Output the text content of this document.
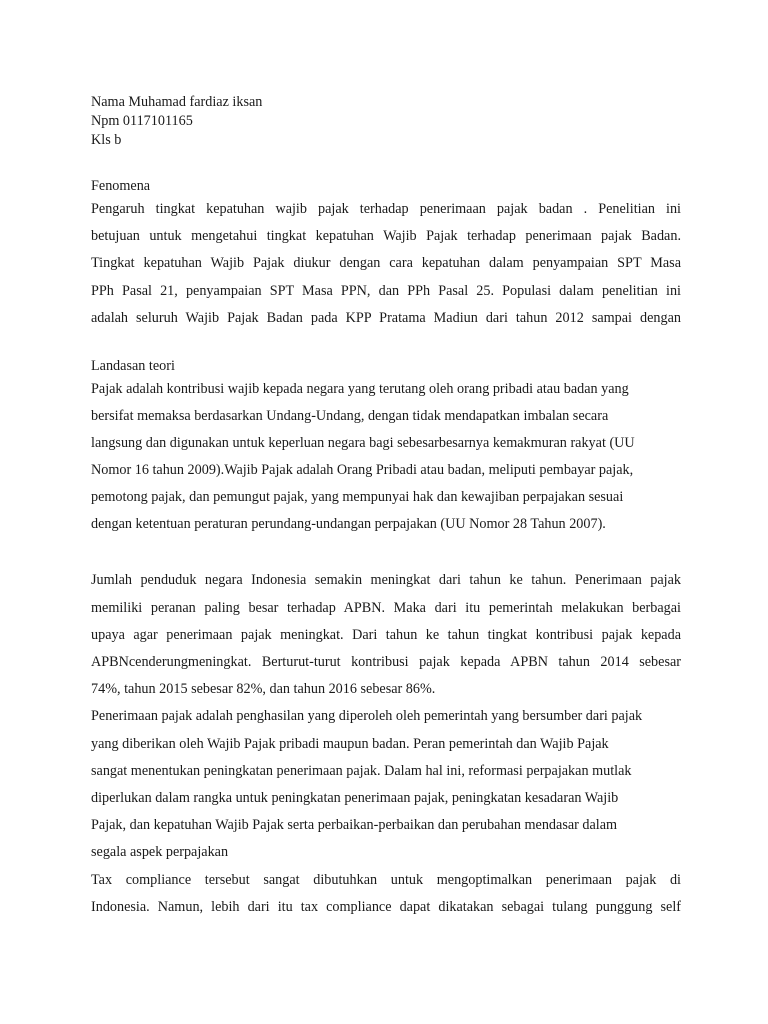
Nama Muhamad fardiaz iksan
Npm 0117101165
Kls b
Fenomena
Pengaruh tingkat kepatuhan wajib pajak terhadap penerimaan pajak badan . Penelitian ini
betujuan untuk mengetahui tingkat kepatuhan Wajib Pajak terhadap penerimaan pajak Badan.
Tingkat kepatuhan Wajib Pajak diukur dengan cara kepatuhan dalam penyampaian SPT Masa
PPh Pasal 21, penyampaian SPT Masa PPN, dan PPh Pasal 25. Populasi dalam penelitian ini
adalah seluruh Wajib Pajak Badan pada KPP Pratama Madiun dari tahun 2012 sampai dengan
Landasan teori
Pajak adalah kontribusi wajib kepada negara yang terutang oleh orang pribadi atau badan yang
bersifat memaksa berdasarkan Undang-Undang, dengan tidak mendapatkan imbalan secara
langsung dan digunakan untuk keperluan negara bagi sebesarbesarnya kemakmuran rakyat (UU
Nomor 16 tahun 2009).Wajib Pajak adalah Orang Pribadi atau badan, meliputi pembayar pajak,
pemotong pajak, dan pemungut pajak, yang mempunyai hak dan kewajiban perpajakan sesuai
dengan ketentuan peraturan perundang-undangan perpajakan (UU Nomor 28 Tahun 2007).
Jumlah penduduk negara Indonesia semakin meningkat dari tahun ke tahun. Penerimaan pajak
memiliki peranan paling besar terhadap APBN. Maka dari itu pemerintah melakukan berbagai
upaya agar penerimaan pajak meningkat. Dari tahun ke tahun tingkat kontribusi pajak kepada
APBNcenderungmeningkat. Berturut-turut kontribusi pajak kepada APBN tahun 2014 sebesar
74%, tahun 2015 sebesar 82%, dan tahun 2016 sebesar 86%.
Penerimaan pajak adalah penghasilan yang diperoleh oleh pemerintah yang bersumber dari pajak
yang diberikan oleh Wajib Pajak pribadi maupun badan. Peran pemerintah dan Wajib Pajak
sangat menentukan peningkatan penerimaan pajak. Dalam hal ini, reformasi perpajakan mutlak
diperlukan dalam rangka untuk peningkatan penerimaan pajak, peningkatan kesadaran Wajib
Pajak, dan kepatuhan Wajib Pajak serta perbaikan-perbaikan dan perubahan mendasar dalam
segala aspek perpajakan
Tax compliance tersebut sangat dibutuhkan untuk mengoptimalkan penerimaan pajak di
Indonesia. Namun, lebih dari itu tax compliance dapat dikatakan sebagai tulang punggung self
